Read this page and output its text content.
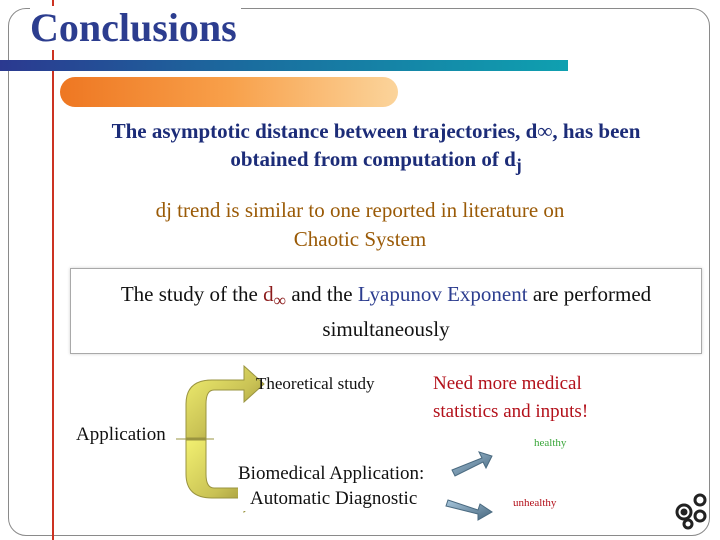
Conclusions
The asymptotic distance between trajectories, d∞, has been
obtained from computation of $d_j$
dj trend is similar to one reported in literature on
Chaotic System
The study of the $d_\infty$ and the Lyapunov Exponent are performed
simultaneously
Theoretical study
Application
Biomedical Application:
Automatic Diagnostic
Need more medical
statistics and inputs!
healthy
unhealthy
